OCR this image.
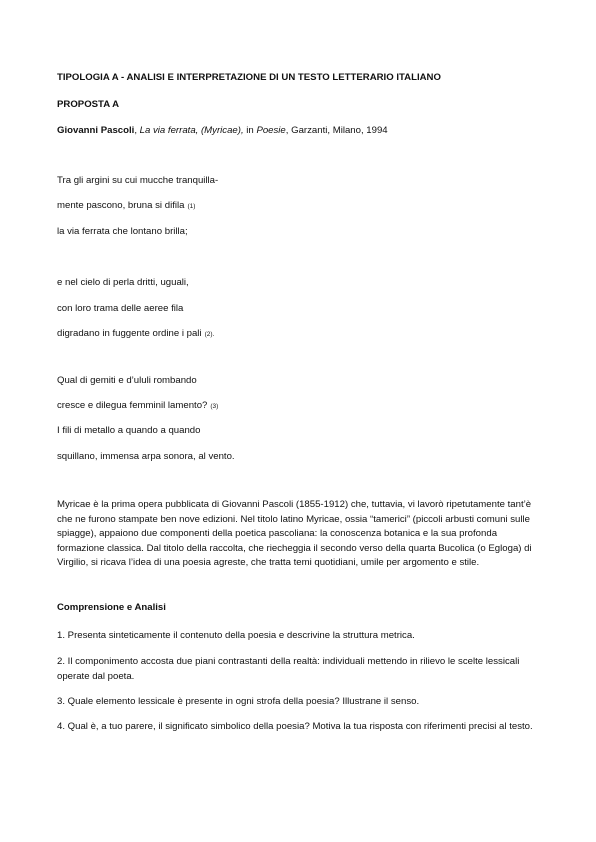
TIPOLOGIA A - ANALISI E INTERPRETAZIONE DI UN TESTO LETTERARIO ITALIANO
PROPOSTA A
Giovanni Pascoli, La via ferrata, (Myricae), in Poesie, Garzanti, Milano, 1994
Tra gli argini su cui mucche tranquilla-
mente pascono, bruna si difila (1)
la via ferrata che lontano brilla;
e nel cielo di perla dritti, uguali,
con loro trama delle aeree fila
digradano in fuggente ordine i pali (2).
Qual di gemiti e d’ululi rombando
cresce e dilegua femminil lamento? (3)
I fili di metallo a quando a quando
squillano, immensa arpa sonora, al vento.
Myricae è la prima opera pubblicata di Giovanni Pascoli (1855-1912) che, tuttavia, vi lavorò ripetutamente tant’è che ne furono stampate ben nove edizioni. Nel titolo latino Myricae, ossia “tamerici” (piccoli arbusti comuni sulle spiagge), appaiono due componenti della poetica pascoliana: la conoscenza botanica e la sua profonda formazione classica. Dal titolo della raccolta, che riecheggia il secondo verso della quarta Bucolica (o Egloga) di Virgilio, si ricava l’idea di una poesia agreste, che tratta temi quotidiani, umile per argomento e stile.
Comprensione e Analisi
1. Presenta sinteticamente il contenuto della poesia e descrivine la struttura metrica.
2. Il componimento accosta due piani contrastanti della realtà: individuali mettendo in rilievo le scelte lessicali operate dal poeta.
3. Quale elemento lessicale è presente in ogni strofa della poesia? Illustrane il senso.
4. Qual è, a tuo parere, il significato simbolico della poesia? Motiva la tua risposta con riferimenti precisi al testo.
